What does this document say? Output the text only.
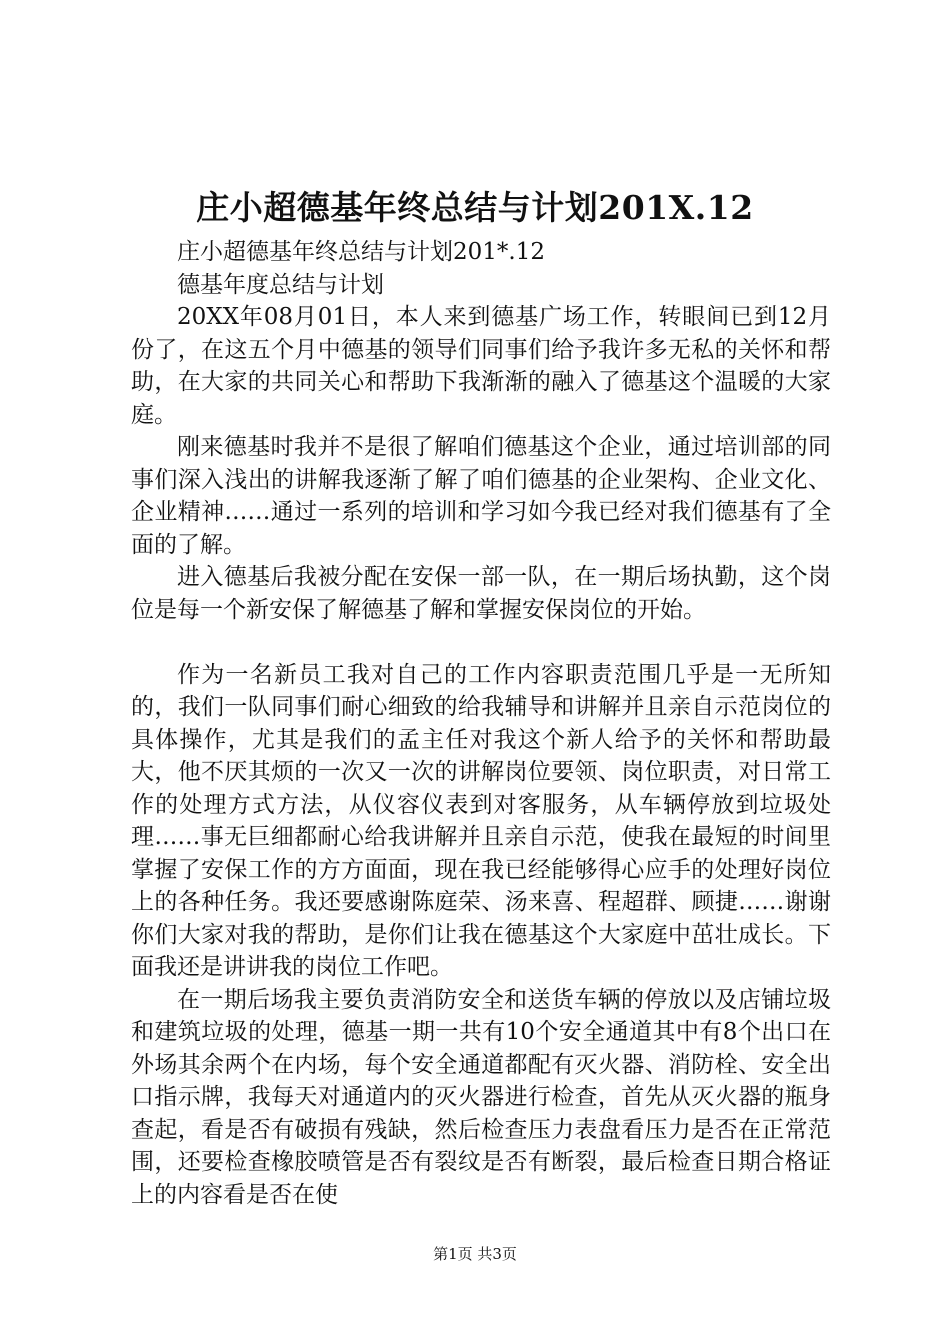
庄小超德基年终总结与计划201X.12

庄小超德基年终总结与计划201*.12

德基年度总结与计划

20XX年08月01日，本人来到德基广场工作，转眼间已到12月份了，在这五个月中德基的领导们同事们给予我许多无私的关怀和帮助，在大家的共同关心和帮助下我渐渐的融入了德基这个温暖的大家庭。

刚来德基时我并不是很了解咱们德基这个企业，通过培训部的同事们深入浅出的讲解我逐渐了解了咱们德基的企业架构、企业文化、企业精神……通过一系列的培训和学习如今我已经对我们德基有了全面的了解。

进入德基后我被分配在安保一部一队，在一期后场执勤，这个岗位是每一个新安保了解德基了解和掌握安保岗位的开始。

作为一名新员工我对自己的工作内容职责范围几乎是一无所知的，我们一队同事们耐心细致的给我辅导和讲解并且亲自示范岗位的具体操作，尤其是我们的孟主任对我这个新人给予的关怀和帮助最大，他不厌其烦的一次又一次的讲解岗位要领、岗位职责，对日常工作的处理方式方法，从仪容仪表到对客服务，从车辆停放到垃圾处理……事无巨细都耐心给我讲解并且亲自示范，使我在最短的时间里掌握了安保工作的方方面面，现在我已经能够得心应手的处理好岗位上的各种任务。我还要感谢陈庭荣、汤来喜、程超群、顾捷……谢谢你们大家对我的帮助，是你们让我在德基这个大家庭中茁壮成长。下面我还是讲讲我的岗位工作吧。

在一期后场我主要负责消防安全和送货车辆的停放以及店铺垃圾和建筑垃圾的处理，德基一期一共有10个安全通道其中有8个出口在外场其余两个在内场，每个安全通道都配有灭火器、消防栓、安全出口指示牌，我每天对通道内的灭火器进行检查，首先从灭火器的瓶身查起，看是否有破损有残缺，然后检查压力表盘看压力是否在正常范围，还要检查橡胶喷管是否有裂纹是否有断裂，最后检查日期合格证上的内容看是否在使

第1页 共3页
